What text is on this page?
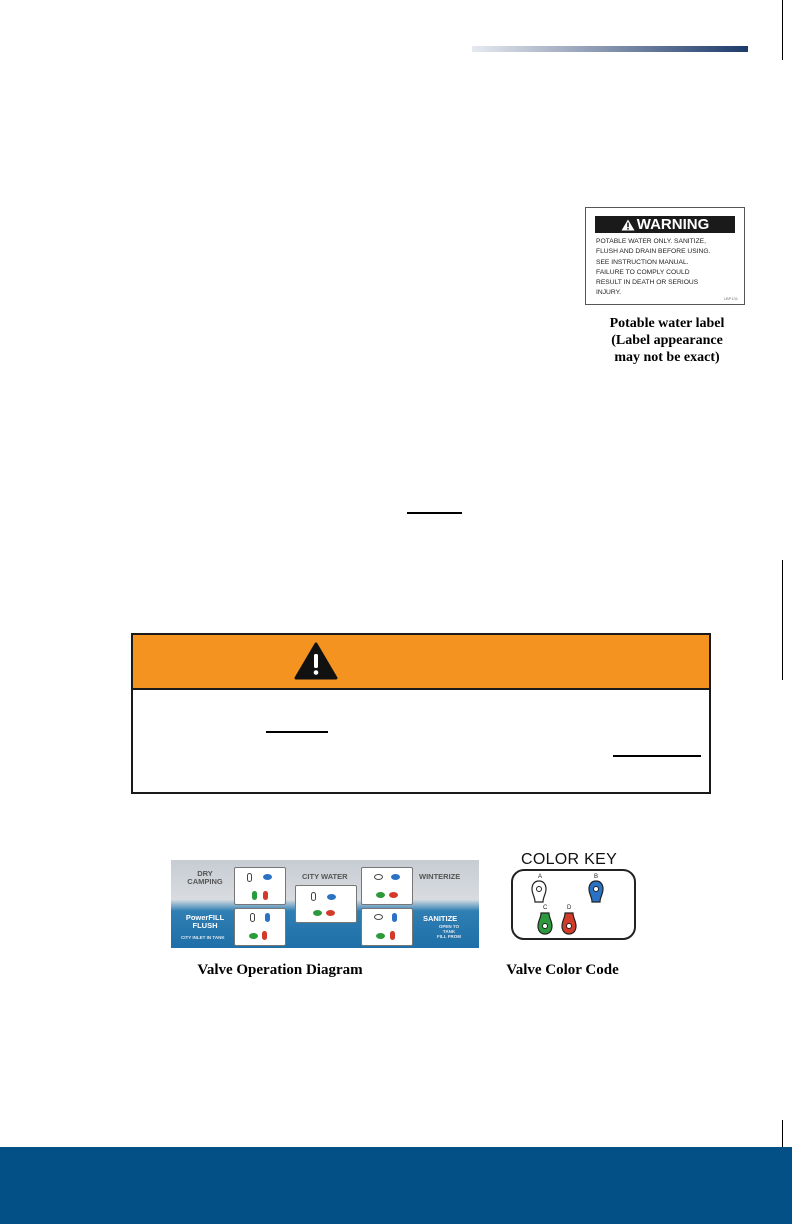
WARNING
POTABLE WATER ONLY. SANITIZE,
FLUSH AND DRAIN BEFORE USING.
SEE INSTRUCTION MANUAL.
FAILURE TO COMPLY COULD
RESULT IN DEATH OR SERIOUS
INJURY.
LBP131
Potable water label
(Label appearance
may not be exact)
DRY
CAMPING
CITY WATER	WINTERIZE
PowerFILL
FLUSH
CITY INLET IN TANK
SANITIZE
OPEN TO
TANK
FILL FROM
Valve Operation Diagram
COLOR KEY
A	B
C	D
Valve Color Code
